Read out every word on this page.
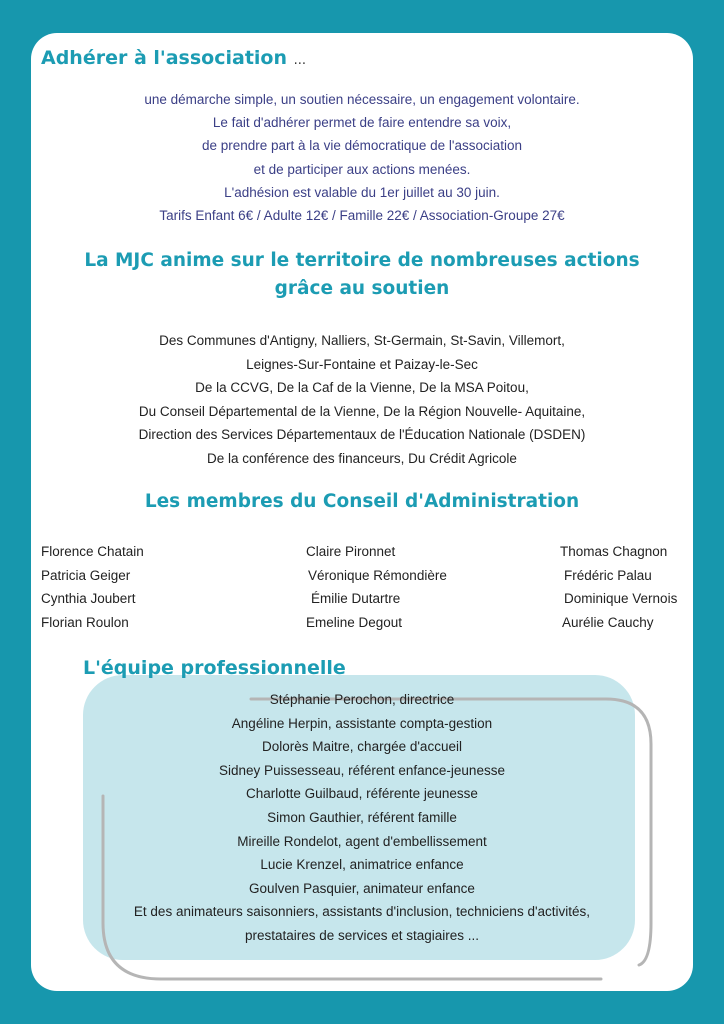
Adhérer à l'association ...
une démarche simple, un soutien nécessaire, un engagement volontaire.
Le fait d'adhérer permet de faire entendre sa voix,
de prendre part à la vie démocratique de l'association
et de participer aux actions menées.
L'adhésion est valable du 1er juillet au 30 juin.
Tarifs Enfant 6€ / Adulte 12€ / Famille 22€ / Association-Groupe 27€
La MJC anime sur le territoire de nombreuses actions
grâce au soutien
Des Communes d'Antigny, Nalliers, St-Germain, St-Savin, Villemort,
Leignes-Sur-Fontaine et Paizay-le-Sec
De la CCVG, De la Caf de la Vienne, De la MSA Poitou,
Du Conseil Départemental de la Vienne, De la Région Nouvelle- Aquitaine,
Direction des Services Départementaux de l'Éducation Nationale (DSDEN)
De la conférence des financeurs, Du Crédit Agricole
Les membres du Conseil d'Administration
Florence Chatain
Patricia Geiger
Cynthia Joubert
Florian Roulon
Claire Pironnet
Véronique Rémondière
Émilie Dutartre
Emeline Degout
Thomas Chagnon
Frédéric Palau
Dominique Vernois
Aurélie Cauchy
L'équipe professionnelle
Stéphanie Perochon, directrice
Angéline Herpin, assistante compta-gestion
Dolorès Maitre, chargée d'accueil
Sidney Puissesseau, référent enfance-jeunesse
Charlotte Guilbaud, référente jeunesse
Simon Gauthier, référent famille
Mireille Rondelot, agent d'embellissement
Lucie Krenzel, animatrice enfance
Goulven Pasquier, animateur enfance
Et des animateurs saisonniers, assistants d'inclusion, techniciens d'activités,
prestataires de services et stagiaires ...
